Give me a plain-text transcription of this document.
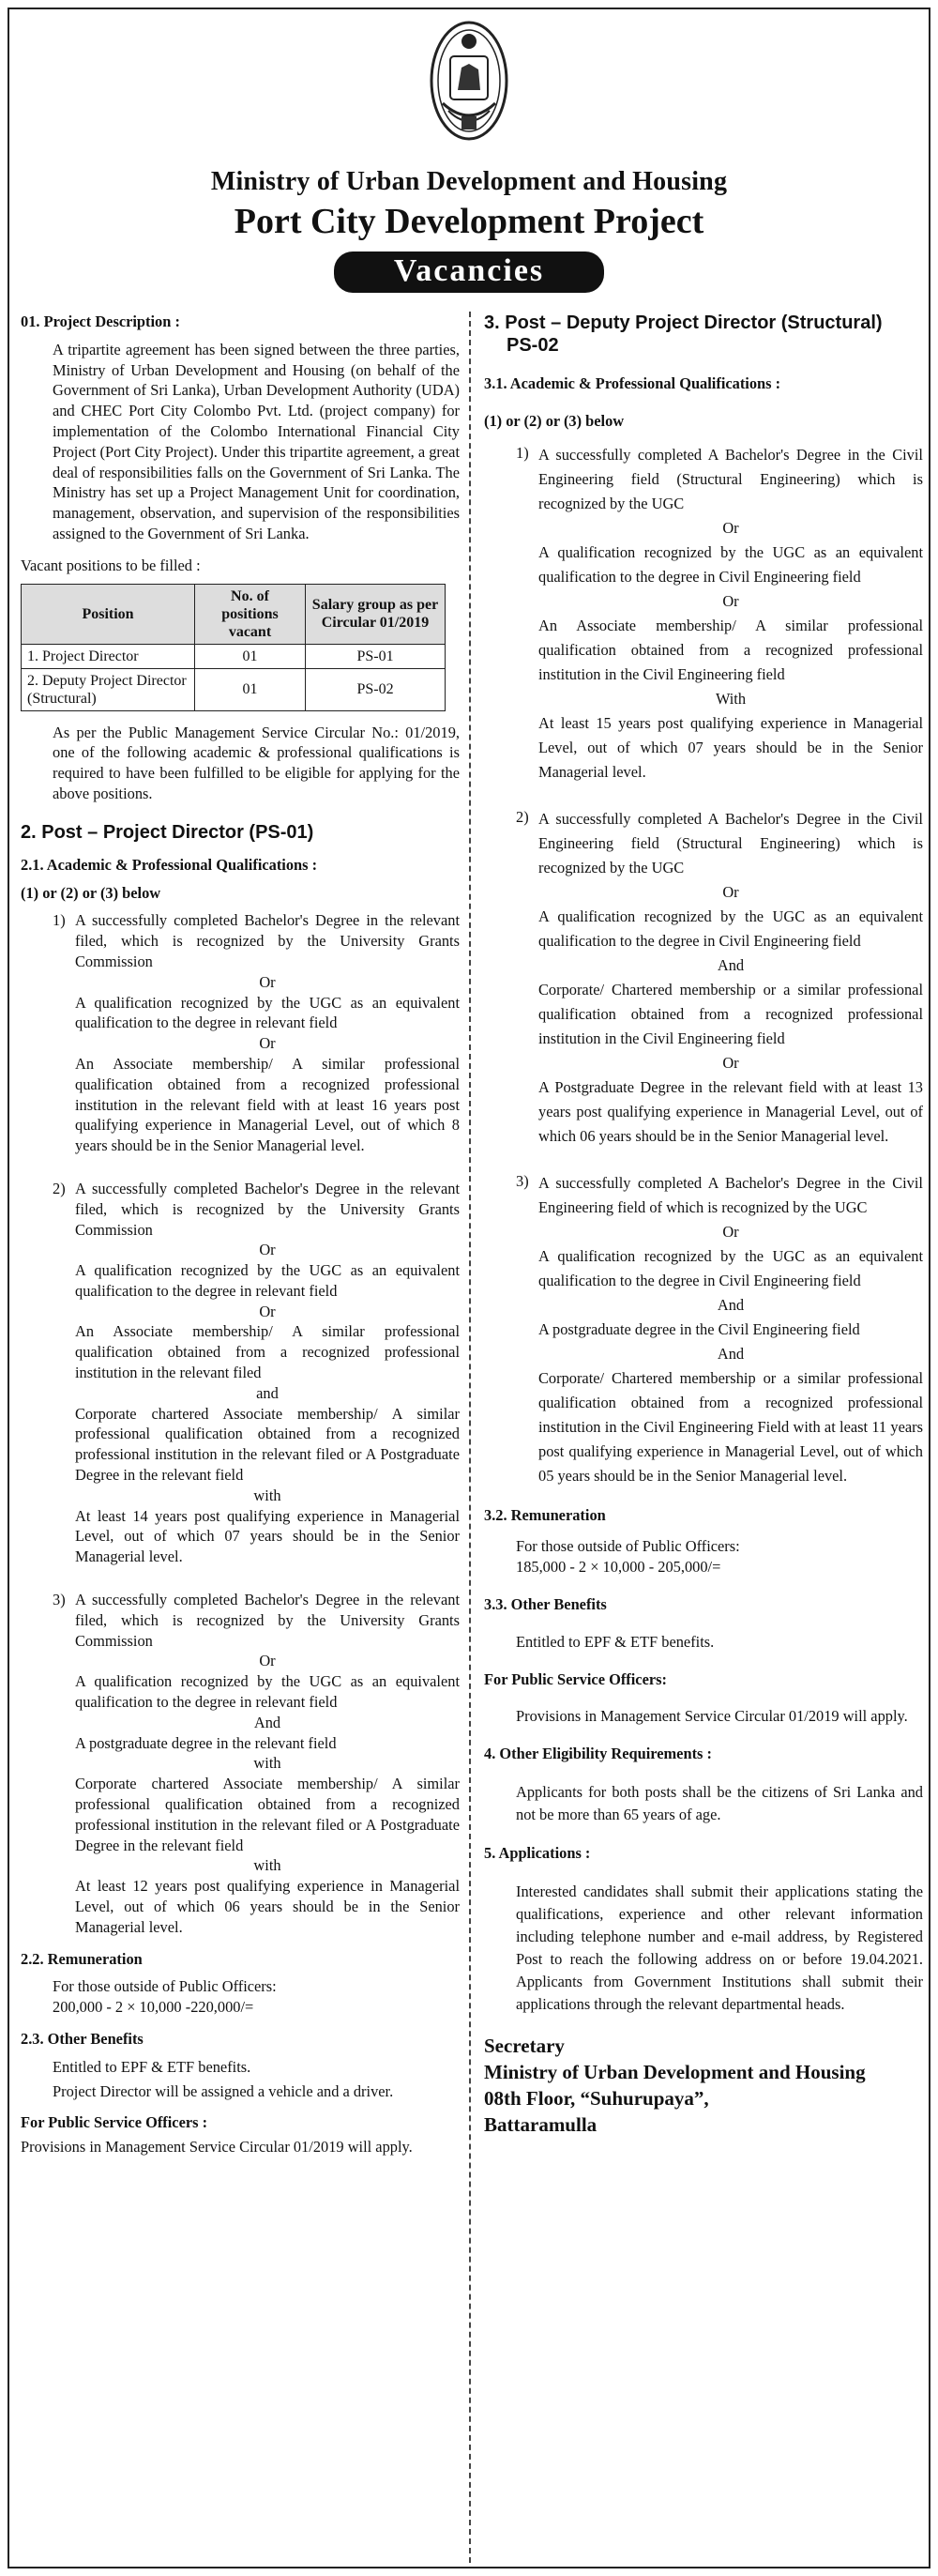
Ministry of Urban Development and Housing
Port City Development Project
Vacancies
01. Project Description :

A tripartite agreement has been signed between the three parties, Ministry of Urban Development and Housing (on behalf of the Government of Sri Lanka), Urban Development Authority (UDA) and CHEC Port City Colombo Pvt. Ltd. (project company) for implementation of the Colombo International Financial City Project (Port City Project). Under this tripartite agreement, a great deal of responsibilities falls on the Government of Sri Lanka. The Ministry has set up a Project Management Unit for coordination, management, observation, and supervision of the responsibilities assigned to the Government of Sri Lanka.

Vacant positions to be filled :
Position	No. of positions vacant	Salary group as per Circular 01/2019
1. Project Director	01	PS-01
2. Deputy Project Director (Structural)	01	PS-02

As per the Public Management Service Circular No.: 01/2019, one of the following academic & professional qualifications is required to have been fulfilled to be eligible for applying for the above positions.

2. Post – Project Director (PS-01)
2.1. Academic & Professional Qualifications :
(1) or (2) or (3) below
1) A successfully completed Bachelor's Degree in the relevant filed, which is recognized by the University Grants Commission

Or

A qualification recognized by the UGC as an equivalent qualification to the degree in relevant field

Or

An Associate membership/ A similar professional qualification obtained from a recognized professional institution in the relevant field with at least 16 years post qualifying experience in Managerial Level, out of which 8 years should be in the Senior Managerial level.

2) A successfully completed Bachelor's Degree in the relevant filed, which is recognized by the University Grants Commission

Or

A qualification recognized by the UGC as an equivalent qualification to the degree in relevant field

Or

An Associate membership/ A similar professional qualification obtained from a recognized professional institution in the relevant filed

and

Corporate chartered Associate membership/ A similar professional qualification obtained from a recognized professional institution in the relevant filed or A Postgraduate Degree in the relevant field

with

At least 14 years post qualifying experience in Managerial Level, out of which 07 years should be in the Senior Managerial level.

3) A successfully completed Bachelor's Degree in the relevant filed, which is recognized by the University Grants Commission

Or

A qualification recognized by the UGC as an equivalent qualification to the degree in relevant field

And

A postgraduate degree in the relevant field

with

Corporate chartered Associate membership/ A similar professional qualification obtained from a recognized professional institution in the relevant filed or A Postgraduate Degree in the relevant field

with

At least 12 years post qualifying experience in Managerial Level, out of which 06 years should be in the Senior Managerial level.

2.2. Remuneration
For those outside of Public Officers:
200,000 - 2 × 10,000 -220,000/=
2.3. Other Benefits
Entitled to EPF & ETF benefits.

Project Director will be assigned a vehicle and a driver.

For Public Service Officers :

Provisions in Management Service Circular 01/2019 will apply.

3. Post – Deputy Project Director (Structural)
PS-02
3.1. Academic & Professional Qualifications :
(1) or (2) or (3) below
1) A successfully completed A Bachelor's Degree in the Civil Engineering field (Structural Engineering) which is recognized by the UGC

Or

A qualification recognized by the UGC as an equivalent qualification to the degree in Civil Engineering field

Or

An Associate membership/ A similar professional qualification obtained from a recognized professional institution in the Civil Engineering field

With

At least 15 years post qualifying experience in Managerial Level, out of which 07 years should be in the Senior Managerial level.

2) A successfully completed A Bachelor's Degree in the Civil Engineering field (Structural Engineering) which is recognized by the UGC

Or

A qualification recognized by the UGC as an equivalent qualification to the degree in Civil Engineering field

And

Corporate/ Chartered membership or a similar professional qualification obtained from a recognized professional institution in the Civil Engineering field

Or

A Postgraduate Degree in the relevant field with at least 13 years post qualifying experience in Managerial Level, out of which 06 years should be in the Senior Managerial level.

3) A successfully completed A Bachelor's Degree in the Civil Engineering field of which is recognized by the UGC

Or

A qualification recognized by the UGC as an equivalent qualification to the degree in Civil Engineering field

And

A postgraduate degree in the Civil Engineering field

And

Corporate/ Chartered membership or a similar professional qualification obtained from a recognized professional institution in the Civil Engineering Field with at least 11 years post qualifying experience in Managerial Level, out of which 05 years should be in the Senior Managerial level.

3.2. Remuneration
For those outside of Public Officers:
185,000 - 2 × 10,000 - 205,000/=
3.3. Other Benefits
Entitled to EPF & ETF benefits.
For Public Service Officers:

Provisions in Management Service Circular 01/2019 will apply.

4. Other Eligibility Requirements :

Applicants for both posts shall be the citizens of Sri Lanka and not be more than 65 years of age.

5. Applications :

Interested candidates shall submit their applications stating the qualifications, experience and other relevant information including telephone number and e-mail address, by Registered Post to reach the following address on or before 19.04.2021. Applicants from Government Institutions shall submit their applications through the relevant departmental heads.

Secretary
Ministry of Urban Development and Housing
08th Floor, “Suhurupaya”,
Battaramulla
